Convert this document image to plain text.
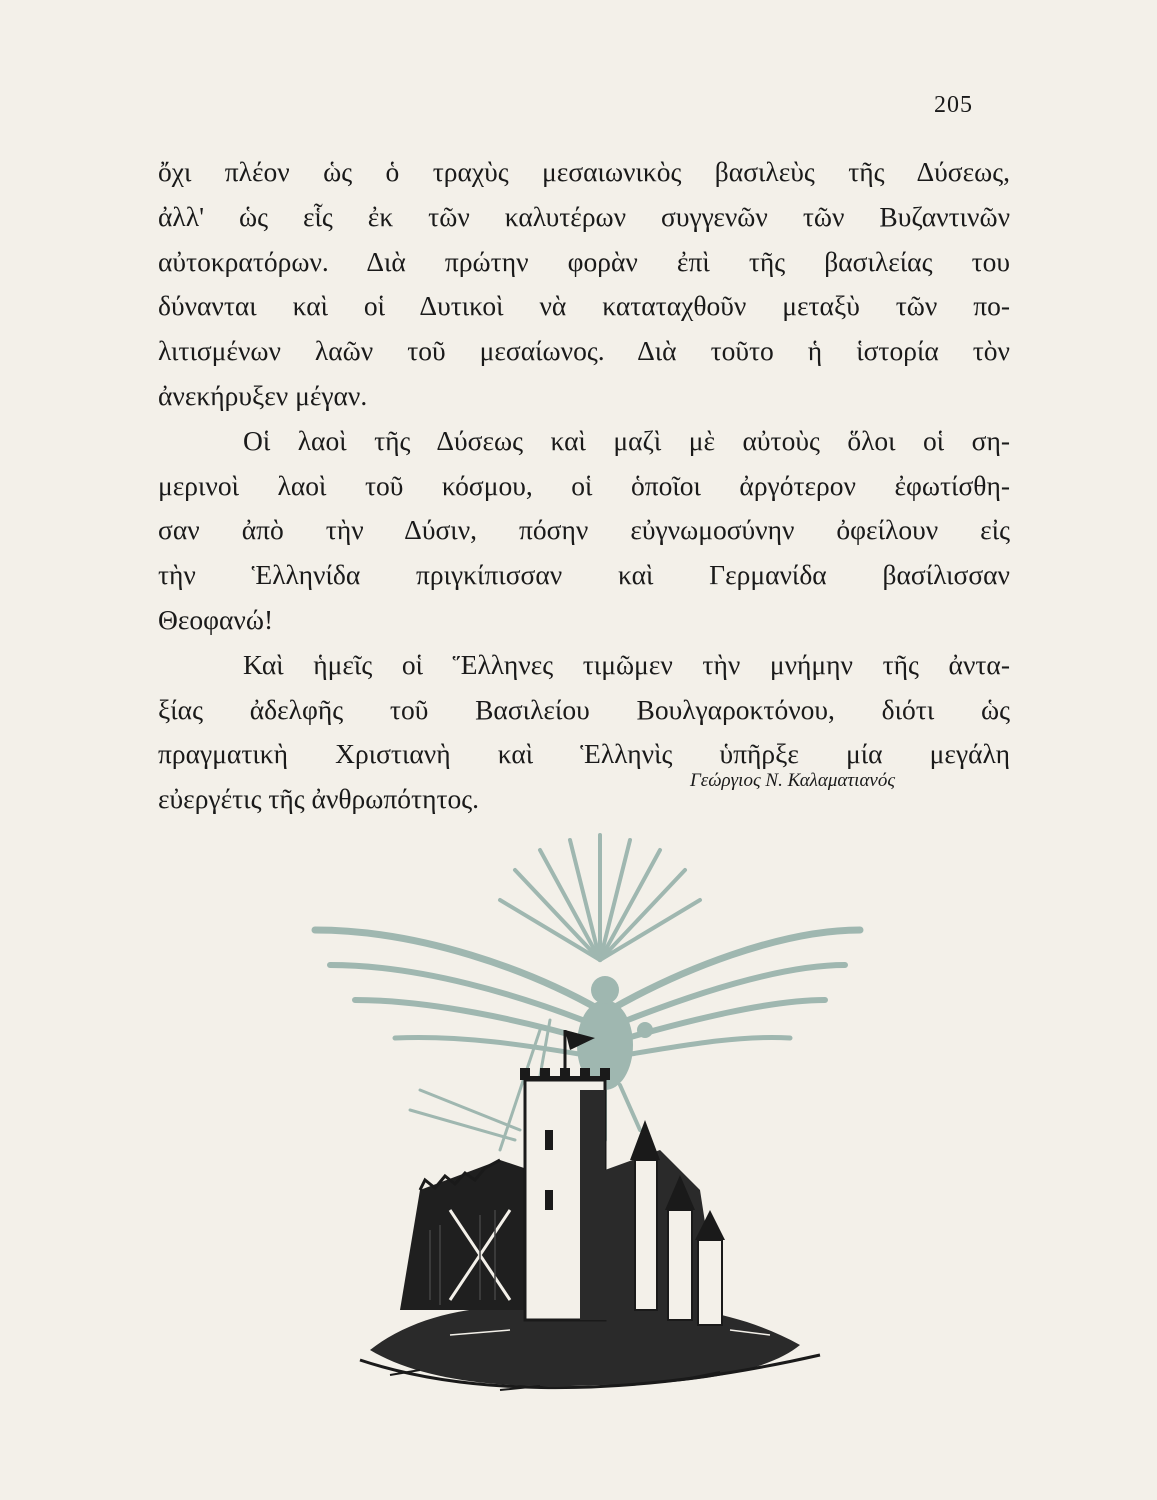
205
ὄχι πλέον ὡς ὁ τραχὺς μεσαιωνικὸς βασιλεὺς τῆς Δύσεως,
ἀλλ' ὡς εἷς ἐκ τῶν καλυτέρων συγγενῶν τῶν Βυζαντινῶν
αὐτοκρατόρων. Διὰ πρώτην φορὰν ἐπὶ τῆς βασιλείας του
δύνανται καὶ οἱ Δυτικοὶ νὰ καταταχθοῦν μεταξὺ τῶν πο-
λιτισμένων λαῶν τοῦ μεσαίωνος. Διὰ τοῦτο ἡ ἱστορία τὸν
ἀνεκήρυξεν μέγαν.
Οἱ λαοὶ τῆς Δύσεως καὶ μαζὶ μὲ αὐτοὺς ὅλοι οἱ ση-
μερινοὶ λαοὶ τοῦ κόσμου, οἱ ὁποῖοι ἀργότερον ἐφωτίσθη-
σαν ἀπὸ τὴν Δύσιν, πόσην εὐγνωμοσύνην ὀφείλουν εἰς
τὴν Ἑλληνίδα πριγκίπισσαν καὶ Γερμανίδα βασίλισσαν
Θεοφανώ!
Καὶ ἡμεῖς οἱ Ἕλληνες τιμῶμεν τὴν μνήμην τῆς ἀντα-
ξίας ἀδελφῆς τοῦ Βασιλείου Βουλγαροκτόνου, διότι ὡς
πραγματικὴ Χριστιανὴ καὶ Ἑλληνὶς ὑπῆρξε μία μεγάλη
εὐεργέτις τῆς ἀνθρωπότητος.
Γεώργιος Ν. Καλαματιανός
